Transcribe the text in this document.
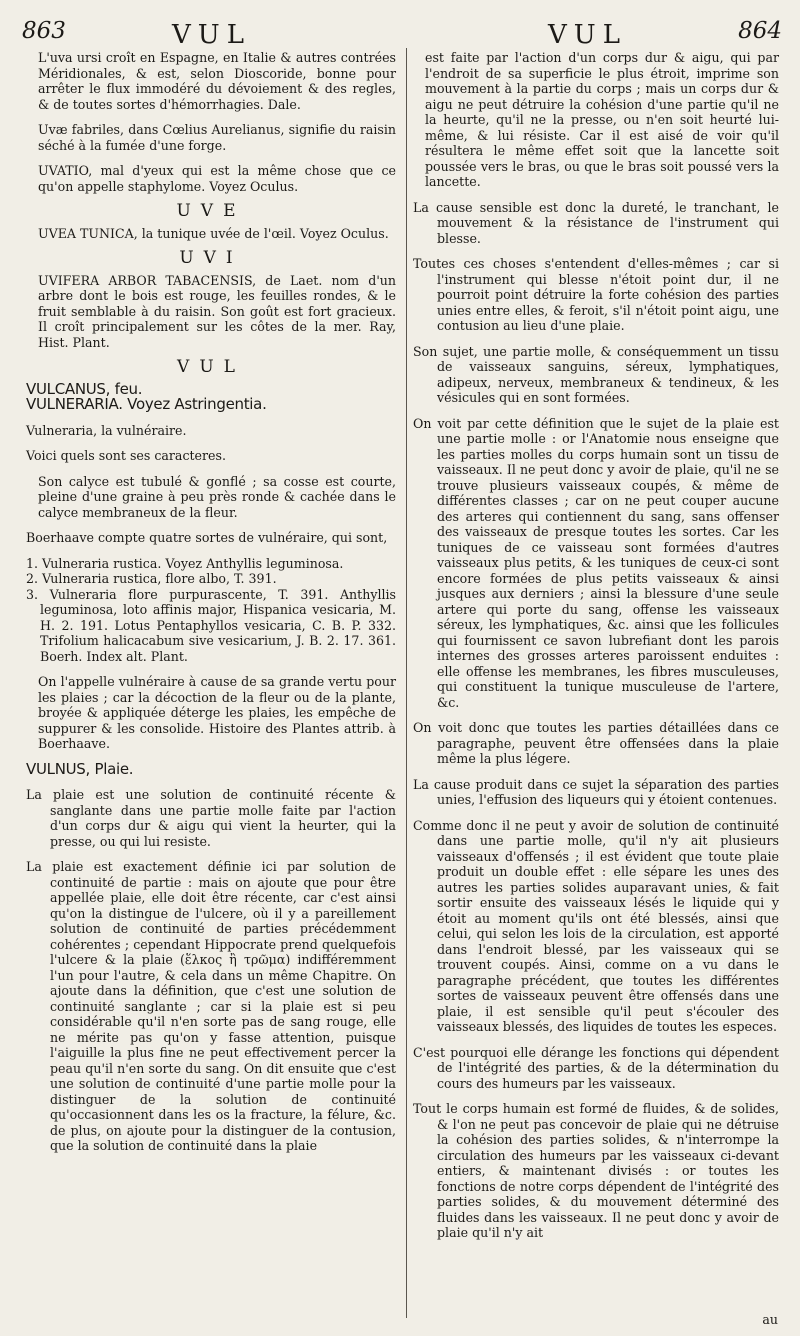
863	VUL	VUL	864

L'uva ursi croît en Espagne, en Italie & autres contrées Méridionales, & est, selon Dioscoride, bonne pour arrêter le flux immodéré du dévoiement & des regles, & de toutes sortes d'hémorrhagies. Dale.

Uvæ fabriles, dans Cœlius Aurelianus, signifie du raisin séché à la fumée d'une forge.

UVATIO, mal d'yeux qui est la même chose que ce qu'on appelle staphylome. Voyez Oculus.

UVE

UVEA TUNICA, la tunique uvée de l'œil. Voyez Oculus.

UVI

UVIFERA ARBOR TABACENSIS, de Laet. nom d'un arbre dont le bois est rouge, les feuilles rondes, & le fruit semblable à du raisin. Son goût est fort gracieux. Il croît principalement sur les côtes de la mer. Ray, Hist. Plant.

VUL
VULCANUS, feu.

VULNERARIA. Voyez Astringentia.

Vulneraria, la vulnéraire.

Voici quels sont ses caracteres.

Son calyce est tubulé & gonflé ; sa cosse est courte, pleine d'une graine à peu près ronde & cachée dans le calyce membraneux de la fleur.

Boerhaave compte quatre sortes de vulnéraire, qui sont,

1. Vulneraria rustica. Voyez Anthyllis leguminosa.
2. Vulneraria rustica, flore albo, T. 391.
3. Vulneraria flore purpurascente, T. 391. Anthyllis leguminosa, loto affinis major, Hispanica vesicaria, M. H. 2. 191. Lotus Pentaphyllos vesicaria, C. B. P. 332. Trifolium halicacabum sive vesicarium, J. B. 2. 17. 361. Boerh. Index alt. Plant.

On l'appelle vulnéraire à cause de sa grande vertu pour les plaies ; car la décoction de la fleur ou de la plante, broyée & appliquée déterge les plaies, les empêche de suppurer & les consolide. Histoire des Plantes attrib. à Boerhaave.

VULNUS, Plaie.

La plaie est une solution de continuité récente & sanglante dans une partie molle faite par l'action d'un corps dur & aigu qui vient la heurter, qui la presse, ou qui lui resiste.

La plaie est exactement définie ici par solution de continuité de partie : mais on ajoute que pour être appellée plaie, elle doit être récente, car c'est ainsi qu'on la distingue de l'ulcere, où il y a pareillement solution de continuité de parties précédemment cohérentes ; cependant Hippocrate prend quelquefois l'ulcere & la plaie (ἕλκος ἢ τρῶμα) indifféremment l'un pour l'autre, & cela dans un même Chapitre. On ajoute dans la définition, que c'est une solution de continuité sanglante ; car si la plaie est si peu considérable qu'il n'en sorte pas de sang rouge, elle ne mérite pas qu'on y fasse attention, puisque l'aiguille la plus fine ne peut effectivement percer la peau qu'il n'en sorte du sang. On dit ensuite que c'est une solution de continuité d'une partie molle pour la distinguer de la solution de continuité qu'occasionnent dans les os la fracture, la félure, &c. de plus, on ajoute pour la distinguer de la contusion, que la solution de continuité dans la plaie

est faite par l'action d'un corps dur & aigu, qui par l'endroit de sa superficie le plus étroit, imprime son mouvement à la partie du corps ; mais un corps dur & aigu ne peut détruire la cohésion d'une partie qu'il ne la heurte, qu'il ne la presse, ou n'en soit heurté lui-même, & lui résiste. Car il est aisé de voir qu'il résultera le même effet soit que la lancette soit poussée vers le bras, ou que le bras soit poussé vers la lancette.

La cause sensible est donc la dureté, le tranchant, le mouvement & la résistance de l'instrument qui blesse.

Toutes ces choses s'entendent d'elles-mêmes ; car si l'instrument qui blesse n'étoit point dur, il ne pourroit point détruire la forte cohésion des parties unies entre elles, & feroit, s'il n'étoit point aigu, une contusion au lieu d'une plaie.

Son sujet, une partie molle, & conséquemment un tissu de vaisseaux sanguins, séreux, lymphatiques, adipeux, nerveux, membraneux & tendineux, & les vésicules qui en sont formées.

On voit par cette définition que le sujet de la plaie est une partie molle : or l'Anatomie nous enseigne que les parties molles du corps humain sont un tissu de vaisseaux. Il ne peut donc y avoir de plaie, qu'il ne se trouve plusieurs vaisseaux coupés, & même de différentes classes ; car on ne peut couper aucune des arteres qui contiennent du sang, sans offenser des vaisseaux de presque toutes les sortes. Car les tuniques de ce vaisseau sont formées d'autres vaisseaux plus petits, & les tuniques de ceux-ci sont encore formées de plus petits vaisseaux & ainsi jusques aux derniers ; ainsi la blessure d'une seule artere qui porte du sang, offense les vaisseaux séreux, les lymphatiques, &c. ainsi que les follicules qui fournissent ce savon lubrefiant dont les parois internes des grosses arteres paroissent enduites : elle offense les membranes, les fibres musculeuses, qui constituent la tunique musculeuse de l'artere, &c.

On voit donc que toutes les parties détaillées dans ce paragraphe, peuvent être offensées dans la plaie même la plus légere.

La cause produit dans ce sujet la séparation des parties unies, l'effusion des liqueurs qui y étoient contenues.

Comme donc il ne peut y avoir de solution de continuité dans une partie molle, qu'il n'y ait plusieurs vaisseaux d'offensés ; il est évident que toute plaie produit un double effet : elle sépare les unes des autres les parties solides auparavant unies, & fait sortir ensuite des vaisseaux lésés le liquide qui y étoit au moment qu'ils ont été blessés, ainsi que celui, qui selon les lois de la circulation, est apporté dans l'endroit blessé, par les vaisseaux qui se trouvent coupés. Ainsi, comme on a vu dans le paragraphe précédent, que toutes les différentes sortes de vaisseaux peuvent être offensés dans une plaie, il est sensible qu'il peut s'écouler des vaisseaux blessés, des liquides de toutes les especes.

C'est pourquoi elle dérange les fonctions qui dépendent de l'intégrité des parties, & de la détermination du cours des humeurs par les vaisseaux.

Tout le corps humain est formé de fluides, & de solides, & l'on ne peut pas concevoir de plaie qui ne détruise la cohésion des parties solides, & n'interrompe la circulation des humeurs par les vaisseaux ci-devant entiers, & maintenant divisés : or toutes les fonctions de notre corps dépendent de l'intégrité des parties solides, & du mouvement déterminé des fluides dans les vaisseaux. Il ne peut donc y avoir de plaie qu'il n'y ait

au
